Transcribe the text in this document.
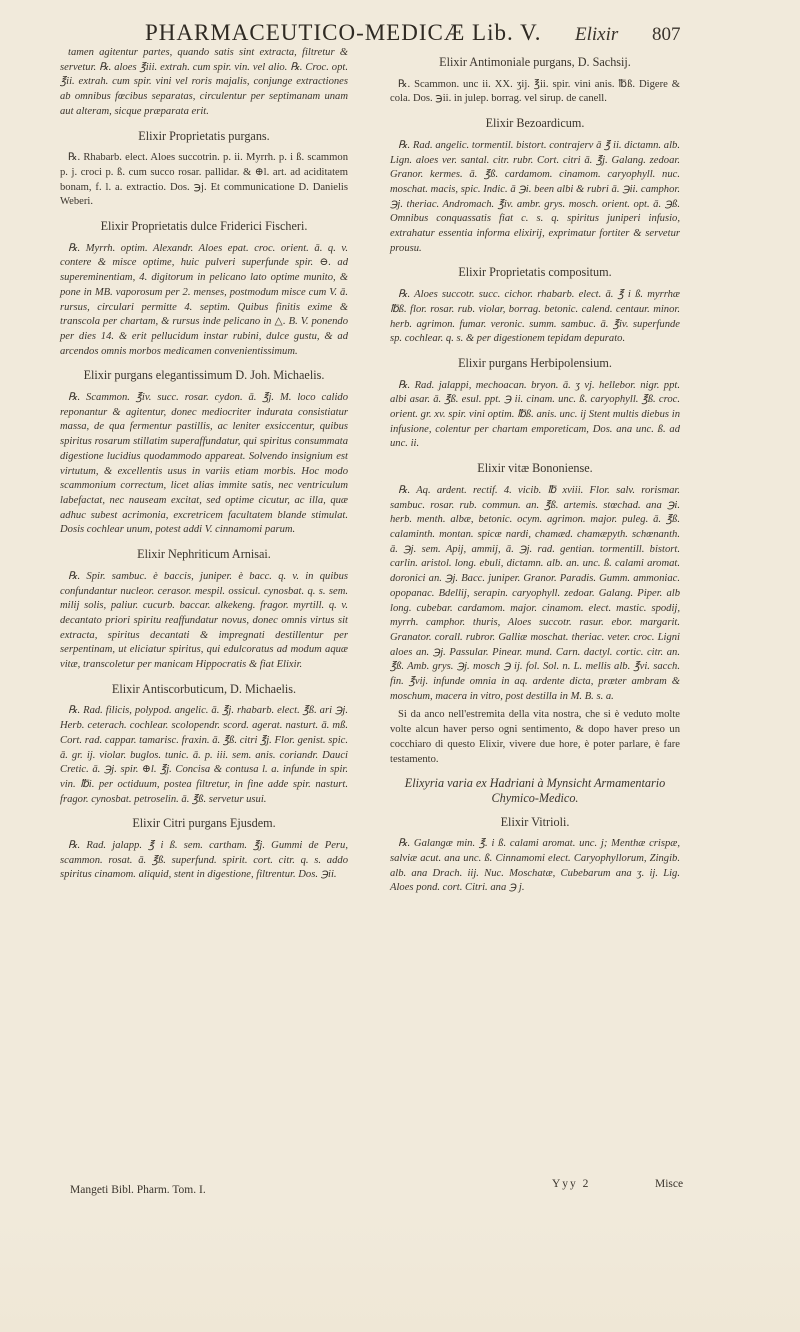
PHARMACEUTICO-MEDICÆ Lib. V. Elixir 807
tamen agitentur partes, quando satis sint extracta, filtretur & servetur. ℞. aloes ℥iii. extrah. cum spir. vin. vel alio. ℞. Croc. opt. ℥ii. extrah. cum spir. vini vel roris majalis, conjunge extractiones ab omnibus fœcibus separatas, circulentur per septimanam unam aut alteram, sicque præparata erit.
Elixir Proprietatis purgans.
℞. Rhabarb. elect. Aloes succotrin. p. ii. Myrrh. p. i ß. scammon p. j. croci p. ß. cum succo rosar. pallidar. & ⊕l. art. ad aciditatem bonam, f. l. a. extractio. Dos. ℈j. Et communicatione D. Danielis Weberi.
Elixir Proprietatis dulce Friderici Fischeri.
℞. Myrrh. optim. Alexandr. Aloes epat. croc. orient. ā. q. v. contere & misce optime, huic pulveri superfunde spir. ⊖. ad supereminentiam, 4. digitorum in pelicano lato optime munito, & pone in MB. vaporosum per 2. menses, postmodum misce cum V. ā. rursus, circulari permitte 4. septim. Quibus finitis exime & transcola per chartam, & rursus inde pelicano in △. B. V. ponendo per dies 14. & erit pellucidum instar rubini, dulce gustu, & ad arcendos omnis morbos medicamen convenientissimum.
Elixir purgans elegantissimum D. Joh. Michaelis.
℞. Scammon. ℥iv. succ. rosar. cydon. ā. ℥j. M. loco calido reponantur & agitentur, donec mediocriter indurata consistiatur massa, de qua fermentur pastillis, ac leniter exsiccentur, quibus spiritus rosarum stillatim superaffundatur, qui spiritus consummata digestione lucidius quodammodo appareat. Solvendo insignium est virtutum, & excellentis usus in variis etiam morbis. Hoc modo scammonium correctum, licet alias immite satis, nec ventriculum labefactat, nec nauseam excitat, sed optime cicutur, ac illa, quæ adhuc subest acrimonia, excretricem facultatem blande stimulat. Dosis cochlear unum, potest addi V. cinnamomi parum.
Elixir Nephriticum Arnisai.
℞. Spir. sambuc. è baccis, juniper. è bacc. q. v. in quibus confundantur nucleor. cerasor. mespil. ossicul. cynosbat. q. s. sem. milij solis, paliur. cucurb. baccar. alkekeng. fragor. myrtill. q. v. decantato priori spiritu reaffundatur novus, donec omnis virtus sit extracta, spiritus decantati & impregnati destillentur per serpentinam, ut eliciatur spiritus, qui edulcoratus ad modum aquæ vitæ, transcoletur per manicam Hippocratis & fiat Elixir.
Elixir Antiscorbuticum, D. Michaelis.
℞. Rad. filicis, polypod. angelic. ā. ℥j. rhabarb. elect. ℥ß. ari ℈j. Herb. ceterach. cochlear. scolopendr. scord. agerat. nasturt. ā. mß. Cort. rad. cappar. tamarisc. fraxin. ā. ℥ß. citri ℥j. Flor. genist. spic. ā. gr. ij. violar. buglos. tunic. ā. p. iii. sem. anis. coriandr. Dauci Cretic. ā. ℈j. spir. ⊕l. ℥j. Concisa & contusa l. a. infunde in spir. vin. ℔i. per octiduum, postea filtretur, in fine adde spir. nasturt. fragor. cynosbat. petroselin. ā. ℥ß. servetur usui.
Elixir Citri purgans Ejusdem.
℞. Rad. jalapp. ℥ i ß. sem. cartham. ℥j. Gummi de Peru, scammon. rosat. ā. ℥ß. superfund. spirit. cort. citr. q. s. addo spiritus cinamom. aliquid, stent in digestione, filtrentur. Dos. ℈ii.
Elixir Antimoniale purgans, D. Sachsij.
℞. Scammon. unc ii. XX. ʒij. ℥ii. spir. vini anis. ℔ß. Digere & cola. Dos. ℈ii. in julep. borrag. vel sirup. de canell.
Elixir Bezoardicum.
℞. Rad. angelic. tormentil. bistort. contrajerv ā ℥ ii. dictamn. alb. Lign. aloes ver. santal. citr. rubr. Cort. citri ā. ℥j. Galang. zedoar. Granor. kermes. ā. ℥ß. cardamom. cinamom. caryophyll. nuc. moschat. macis, spic. Indic. ā ℈i. been albi & rubri ā. ℈ii. camphor. ℈j. theriac. Andromach. ℥iv. ambr. grys. mosch. orient. opt. ā. ℈ß. Omnibus conquassatis fiat c. s. q. spiritus juniperi infusio, extrahatur essentia informa elixirij, exprimatur fortiter & servetur prousu.
Elixir Proprietatis compositum.
℞. Aloes succotr. succ. cichor. rhabarb. elect. ā. ℥ i ß. myrrhæ ℔ß. flor. rosar. rub. violar, borrag. betonic. calend. centaur. minor. herb. agrimon. fumar. veronic. summ. sambuc. ā. ℥iv. superfunde sp. cochlear. q. s. & per digestionem tepidam depurato.
Elixir purgans Herbipolensium.
℞. Rad. jalappi, mechoacan. bryon. ā. ʒ vj. hellebor. nigr. ppt. albi asar. ā. ℥ß. esul. ppt. ℈ ii. cinam. unc. ß. caryophyll. ℥ß. croc. orient. gr. xv. spir. vini optim. ℔ß. anis. unc. ij Stent multis diebus in infusione, colentur per chartam emporeticam, Dos. ana unc. ß. ad unc. ii.
Elixir vitæ Bononiense.
℞. Aq. ardent. rectif. 4. vicib. ℔ xviii. Flor. salv. rorismar. sambuc. rosar. rub. commun. an. ℥ß. artemis. stœchad. ana ℈i. herb. menth. albæ, betonic. ocym. agrimon. major. puleg. ā. ℥ß. calaminth. montan. spicæ nardi, chamæd. chamæpyth. schœnanth. ā. ℈j. sem. Apij, ammij, ā. ℈j. rad. gentian. tormentill. bistort. carlin. aristol. long. ebuli, dictamn. alb. an. unc. ß. calami aromat. doronici an. ℈j. Bacc. juniper. Granor. Paradis. Gumm. ammoniac. opopanac. Bdellij, serapin. caryophyll. zedoar. Galang. Piper. alb long. cubebar. cardamom. major. cinamom. elect. mastic. spodij, myrrh. camphor. thuris, Aloes succotr. rasur. ebor. margarit. Granator. corall. rubror. Galliæ moschat. theriac. veter. croc. Ligni aloes an. ℈j. Passular. Pinear. mund. Carn. dactyl. cortic. citr. an. ℥ß. Amb. grys. ℈j. mosch ℈ ij. fol. Sol. n. L. mellis alb. ℥vi. sacch. fin. ℥vij. infunde omnia in aq. ardente dicta, præter ambram & moschum, macera in vitro, post destilla in M. B. s. a.
Si da anco nell'estremita della vita nostra, che si è veduto molte volte alcun haver perso ogni sentimento, & dopo haver preso un cocchiaro di questo Elixir, vivere due hore, è poter parlare, è fare testamento.
Elixyria varia ex Hadriani à Mynsicht Armamentario Chymico-Medico.
Elixir Vitrioli.
℞. Galangæ min. ℥. i ß. calami aromat. unc. j; Menthæ crispæ, salviæ acut. ana unc. ß. Cinnamomi elect. Caryophyllorum, Zingib. alb. ana Drach. iij. Nuc. Moschatæ, Cubebarum ana ʒ. ij. Lig. Aloes pond. cort. Citri. ana ℈ j.
Mangeti Bibl. Pharm. Tom. I.	Yyy 2	Misce
